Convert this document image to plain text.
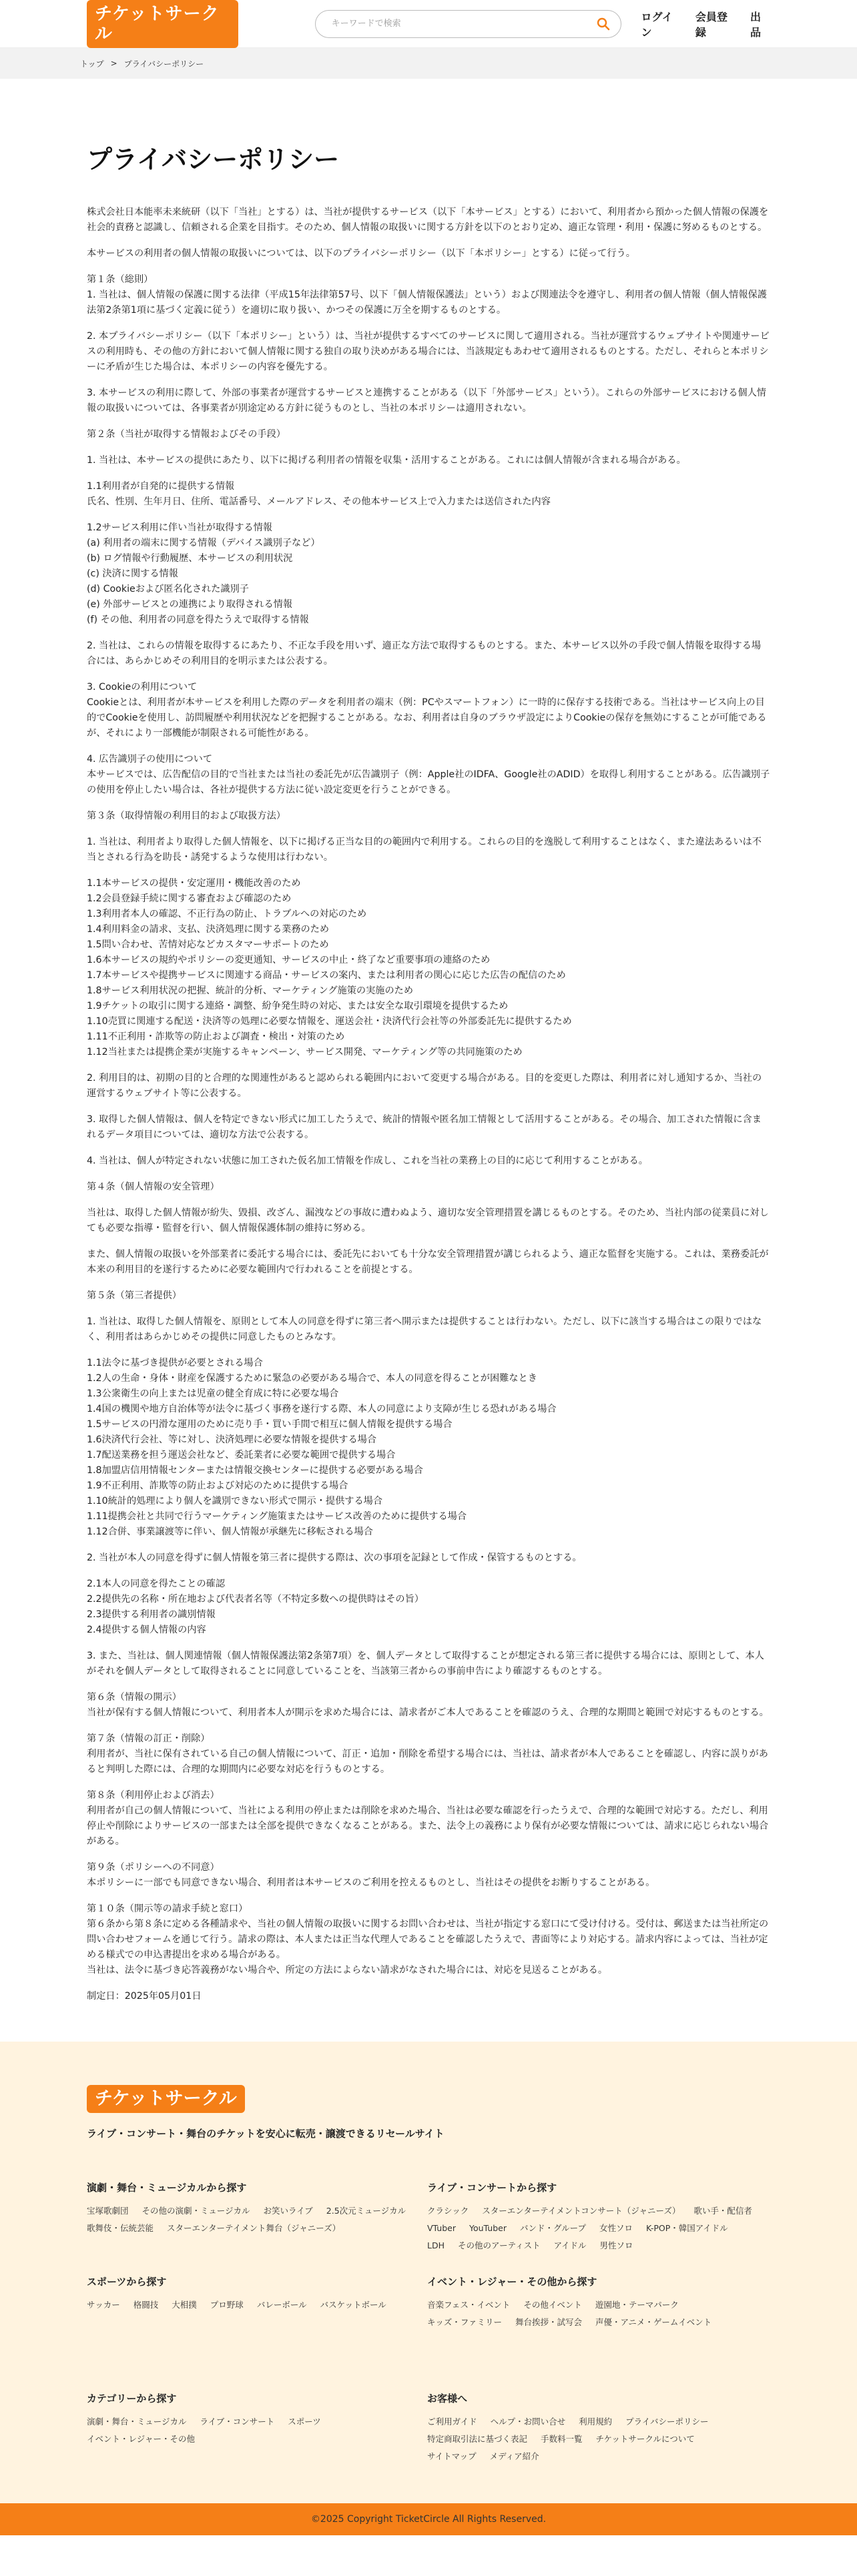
チケットサークル
キーワードで検索
ログイン
会員登録
出品
トップ > プライバシーポリシー
プライバシーポリシー

株式会社日本能率未来統研（以下「当社」とする）は、当社が提供するサービス（以下「本サービス」とする）において、利用者から預かった個人情報の保護を社会的責務と認識し、信頼される企業を目指す。そのため、個人情報の取扱いに関する方針を以下のとおり定め、適正な管理・利用・保護に努めるものとする。

本サービスの利用者の個人情報の取扱いについては、以下のプライバシーポリシー（以下「本ポリシー」とする）に従って行う。

第１条（総則）
1. 当社は、個人情報の保護に関する法律（平成15年法律第57号、以下「個人情報保護法」という）および関連法令を遵守し、利用者の個人情報（個人情報保護法第2条第1項に基づく定義に従う）を適切に取り扱い、かつその保護に万全を期するものとする。

2. 本プライバシーポリシー（以下「本ポリシー」という）は、当社が提供するすべてのサービスに関して適用される。当社が運営するウェブサイトや関連サービスの利用時も、その他の方針において個人情報に関する独自の取り決めがある場合には、当該規定もあわせて適用されるものとする。ただし、それらと本ポリシーに矛盾が生じた場合は、本ポリシーの内容を優先する。

3. 本サービスの利用に際して、外部の事業者が運営するサービスと連携することがある（以下「外部サービス」という）。これらの外部サービスにおける個人情報の取扱いについては、各事業者が別途定める方針に従うものとし、当社の本ポリシーは適用されない。

第２条（当社が取得する情報およびその手段）

1. 当社は、本サービスの提供にあたり、以下に掲げる利用者の情報を収集・活用することがある。これには個人情報が含まれる場合がある。

1.1利用者が自発的に提供する情報
氏名、性別、生年月日、住所、電話番号、メールアドレス、その他本サービス上で入力または送信された内容

1.2サービス利用に伴い当社が取得する情報
(a) 利用者の端末に関する情報（デバイス識別子など）
(b) ログ情報や行動履歴、本サービスの利用状況
(c) 決済に関する情報
(d) Cookieおよび匿名化された識別子
(e) 外部サービスとの連携により取得される情報
(f) その他、利用者の同意を得たうえで取得する情報

2. 当社は、これらの情報を取得するにあたり、不正な手段を用いず、適正な方法で取得するものとする。また、本サービス以外の手段で個人情報を取得する場合には、あらかじめその利用目的を明示または公表する。

3. Cookieの利用について
Cookieとは、利用者が本サービスを利用した際のデータを利用者の端末（例：PCやスマートフォン）に一時的に保存する技術である。当社はサービス向上の目的でCookieを使用し、訪問履歴や利用状況などを把握することがある。なお、利用者は自身のブラウザ設定によりCookieの保存を無効にすることが可能であるが、それにより一部機能が制限される可能性がある。

4. 広告識別子の使用について
本サービスでは、広告配信の目的で当社または当社の委託先が広告識別子（例：Apple社のIDFA、Google社のADID）を取得し利用することがある。広告識別子の使用を停止したい場合は、各社が提供する方法に従い設定変更を行うことができる。

第３条（取得情報の利用目的および取扱方法）

1. 当社は、利用者より取得した個人情報を、以下に掲げる正当な目的の範囲内で利用する。これらの目的を逸脱して利用することはなく、また違法あるいは不当とされる行為を助長・誘発するような使用は行わない。

1.1本サービスの提供・安定運用・機能改善のため
1.2会員登録手続に関する審査および確認のため
1.3利用者本人の確認、不正行為の防止、トラブルへの対応のため
1.4利用料金の請求、支払、決済処理に関する業務のため
1.5問い合わせ、苦情対応などカスタマーサポートのため
1.6本サービスの規約やポリシーの変更通知、サービスの中止・終了など重要事項の連絡のため
1.7本サービスや提携サービスに関連する商品・サービスの案内、または利用者の関心に応じた広告の配信のため
1.8サービス利用状況の把握、統計的分析、マーケティング施策の実施のため
1.9チケットの取引に関する連絡・調整、紛争発生時の対応、または安全な取引環境を提供するため
1.10売買に関連する配送・決済等の処理に必要な情報を、運送会社・決済代行会社等の外部委託先に提供するため
1.11不正利用・詐欺等の防止および調査・検出・対策のため
1.12当社または提携企業が実施するキャンペーン、サービス開発、マーケティング等の共同施策のため

2. 利用目的は、初期の目的と合理的な関連性があると認められる範囲内において変更する場合がある。目的を変更した際は、利用者に対し通知するか、当社の運営するウェブサイト等に公表する。

3. 取得した個人情報は、個人を特定できない形式に加工したうえで、統計的情報や匿名加工情報として活用することがある。その場合、加工された情報に含まれるデータ項目については、適切な方法で公表する。

4. 当社は、個人が特定されない状態に加工された仮名加工情報を作成し、これを当社の業務上の目的に応じて利用することがある。

第４条（個人情報の安全管理）

当社は、取得した個人情報が紛失、毀損、改ざん、漏洩などの事故に遭わぬよう、適切な安全管理措置を講じるものとする。そのため、当社内部の従業員に対しても必要な指導・監督を行い、個人情報保護体制の維持に努める。

また、個人情報の取扱いを外部業者に委託する場合には、委託先においても十分な安全管理措置が講じられるよう、適正な監督を実施する。これは、業務委託が本来の利用目的を遂行するために必要な範囲内で行われることを前提とする。

第５条（第三者提供）

1. 当社は、取得した個人情報を、原則として本人の同意を得ずに第三者へ開示または提供することは行わない。ただし、以下に該当する場合はこの限りではなく、利用者はあらかじめその提供に同意したものとみなす。

1.1法令に基づき提供が必要とされる場合
1.2人の生命・身体・財産を保護するために緊急の必要がある場合で、本人の同意を得ることが困難なとき
1.3公衆衛生の向上または児童の健全育成に特に必要な場合
1.4国の機関や地方自治体等が法令に基づく事務を遂行する際、本人の同意により支障が生じる恐れがある場合
1.5サービスの円滑な運用のために売り手・買い手間で相互に個人情報を提供する場合
1.6決済代行会社、等に対し、決済処理に必要な情報を提供する場合
1.7配送業務を担う運送会社など、委託業者に必要な範囲で提供する場合
1.8加盟店信用情報センターまたは情報交換センターに提供する必要がある場合
1.9不正利用、詐欺等の防止および対応のために提供する場合
1.10統計的処理により個人を識別できない形式で開示・提供する場合
1.11提携会社と共同で行うマーケティング施策またはサービス改善のために提供する場合
1.12合併、事業譲渡等に伴い、個人情報が承継先に移転される場合

2. 当社が本人の同意を得ずに個人情報を第三者に提供する際は、次の事項を記録として作成・保管するものとする。

2.1本人の同意を得たことの確認
2.2提供先の名称・所在地および代表者名等（不特定多数への提供時はその旨）
2.3提供する利用者の識別情報
2.4提供する個人情報の内容

3. また、当社は、個人関連情報（個人情報保護法第2条第7項）を、個人データとして取得することが想定される第三者に提供する場合には、原則として、本人がそれを個人データとして取得されることに同意していることを、当該第三者からの事前申告により確認するものとする。

第６条（情報の開示）
当社が保有する個人情報について、利用者本人が開示を求めた場合には、請求者がご本人であることを確認のうえ、合理的な期間と範囲で対応するものとする。

第７条（情報の訂正・削除）
利用者が、当社に保有されている自己の個人情報について、訂正・追加・削除を希望する場合には、当社は、請求者が本人であることを確認し、内容に誤りがあると判明した際には、合理的な期間内に必要な対応を行うものとする。

第８条（利用停止および消去）
利用者が自己の個人情報について、当社による利用の停止または削除を求めた場合、当社は必要な確認を行ったうえで、合理的な範囲で対応する。ただし、利用停止や削除によりサービスの一部または全部を提供できなくなることがある。また、法令上の義務により保有が必要な情報については、請求に応じられない場合がある。

第９条（ポリシーへの不同意）
本ポリシーに一部でも同意できない場合、利用者は本サービスのご利用を控えるものとし、当社はその提供をお断りすることがある。

第１０条（開示等の請求手続と窓口）
第６条から第８条に定める各種請求や、当社の個人情報の取扱いに関するお問い合わせは、当社が指定する窓口にて受け付ける。受付は、郵送または当社所定の問い合わせフォームを通じて行う。請求の際は、本人または正当な代理人であることを確認したうえで、書面等により対応する。請求内容によっては、当社が定める様式での申込書提出を求める場合がある。
当社は、法令に基づき応答義務がない場合や、所定の方法によらない請求がなされた場合には、対応を見送ることがある。

制定日：2025年05月01日

チケットサークル
ライブ・コンサート・舞台のチケットを安心に転売・譲渡できるリセールサイト
演劇・舞台・ミュージカルから探す
宝塚歌劇団 その他の演劇・ミュージカル お笑いライブ 2.5次元ミュージカル歌舞伎・伝統芸能 スターエンターテイメント舞台（ジャニーズ）
ライブ・コンサートから探す
クラシック スターエンターテイメントコンサート（ジャニーズ） 歌い手・配信者VTuber YouTuber バンド・グループ 女性ソロ K-POP・韓国アイドルLDH その他のアーティスト アイドル 男性ソロ
スポーツから探す
サッカー 格闘技 大相撲 プロ野球 バレーボール バスケットボール
イベント・レジャー・その他から探す
音楽フェス・イベント その他イベント 遊園地・テーマパークキッズ・ファミリー 舞台挨拶・試写会 声優・アニメ・ゲームイベント
カテゴリーから探す
演劇・舞台・ミュージカル ライブ・コンサート スポーツイベント・レジャー・その他
お客様へ
ご利用ガイド ヘルプ・お問い合せ 利用規約 プライバシーポリシー特定商取引法に基づく表記 手数料一覧 チケットサークルについてサイトマップ メディア紹介
©2025 Copyright TicketCircle All Rights Reserved.
